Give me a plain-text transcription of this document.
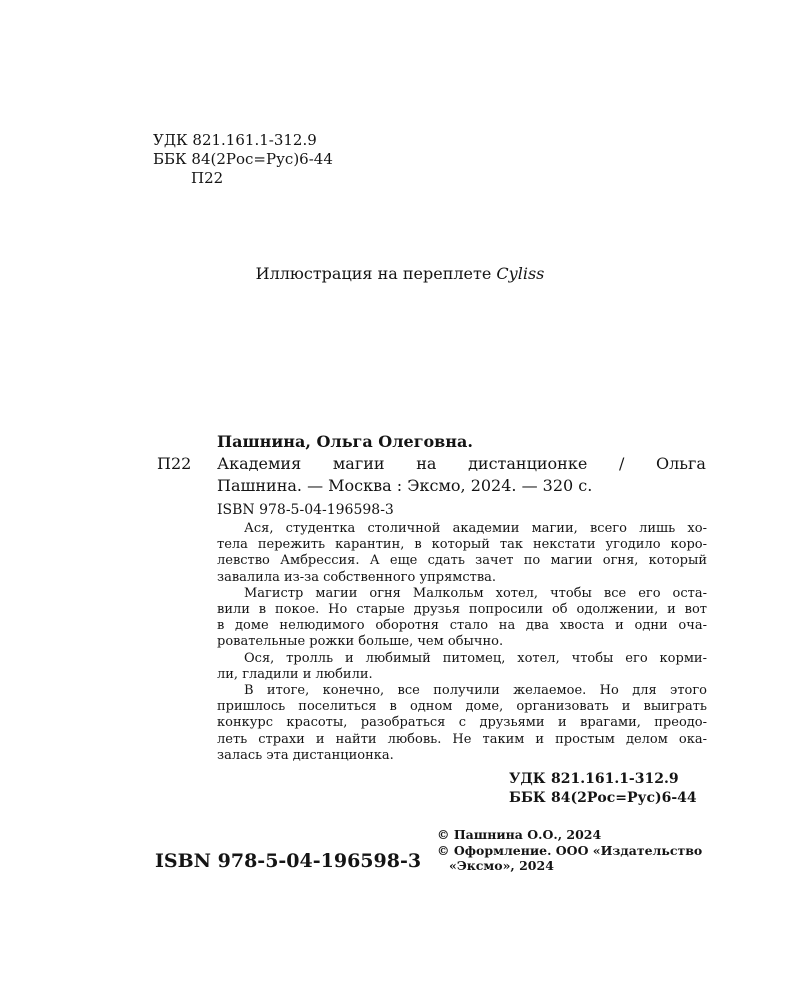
УДК 821.161.1-312.9
ББК 84(2Рос=Рус)6-44
П22
Иллюстрация на переплете Cyliss
Пашнина, Ольга Олеговна.
П22 Академия магии на дистанционке / Ольга
Пашнина. — Москва : Эксмо, 2024. — 320 с.
ISBN 978-5-04-196598-3
Ася, студентка столичной академии магии, всего лишь хо-
тела пережить карантин, в который так некстати угодило коро-
левство Амбрессия. А еще сдать зачет по магии огня, который
завалила из-за собственного упрямства.
Магистр магии огня Малкольм хотел, чтобы все его оста-
вили в покое. Но старые друзья попросили об одолжении, и вот
в доме нелюдимого оборотня стало на два хвоста и одни оча-
ровательные рожки больше, чем обычно.
Ося, тролль и любимый питомец, хотел, чтобы его корми-
ли, гладили и любили.
В итоге, конечно, все получили желаемое. Но для этого
пришлось поселиться в одном доме, организовать и выиграть
конкурс красоты, разобраться с друзьями и врагами, преодо-
леть страхи и найти любовь. Не таким и простым делом ока-
залась эта дистанционка.
УДК 821.161.1-312.9
ББК 84(2Рос=Рус)6-44
© Пашнина О.О., 2024
© Оформление. ООО «Издательство
«Эксмо», 2024
ISBN 978-5-04-196598-3
